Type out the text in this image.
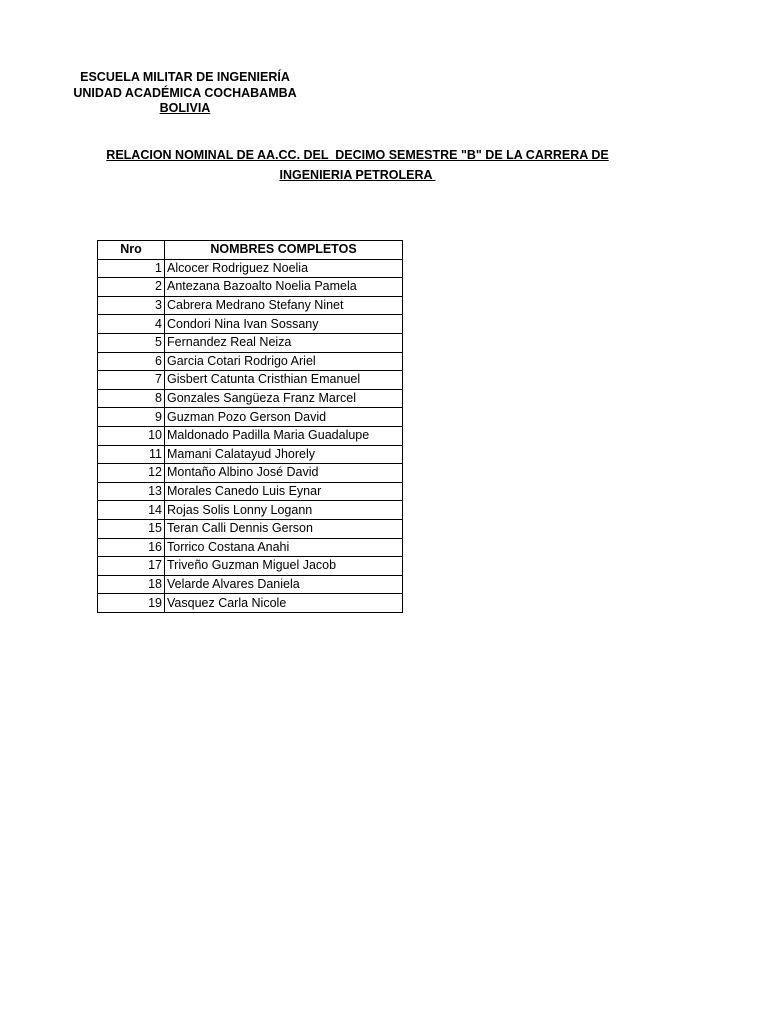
ESCUELA MILITAR DE INGENIERÍA
UNIDAD ACADÉMICA COCHABAMBA
BOLIVIA
RELACION NOMINAL DE AA.CC. DEL  DECIMO SEMESTRE "B" DE LA CARRERA DE
INGENIERIA PETROLERA
Nro	NOMBRES COMPLETOS
1	Alcocer Rodriguez Noelia
2	Antezana Bazoalto Noelia Pamela
3	Cabrera Medrano Stefany Ninet
4	Condori Nina Ivan Sossany
5	Fernandez Real Neiza
6	Garcia Cotari Rodrigo Ariel
7	Gisbert Catunta Cristhian Emanuel
8	Gonzales Sangüeza Franz Marcel
9	Guzman Pozo Gerson David
10	Maldonado Padilla Maria Guadalupe
11	Mamani Calatayud Jhorely
12	Montaño Albino José David
13	Morales Canedo Luis Eynar
14	Rojas Solis Lonny Logann
15	Teran Calli Dennis Gerson
16	Torrico Costana Anahi
17	Triveño Guzman Miguel Jacob
18	Velarde Alvares Daniela
19	Vasquez Carla Nicole
